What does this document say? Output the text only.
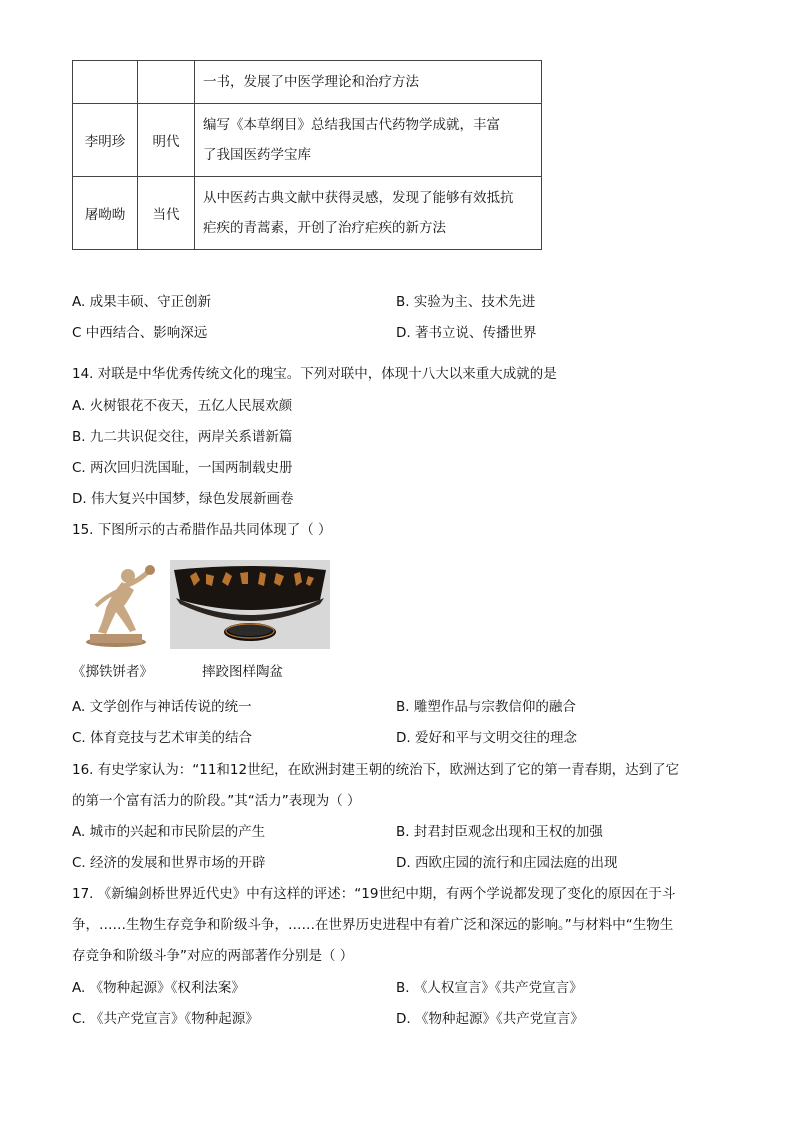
		一书，发展了中医学理论和治疗方法

李明珍	明代	编写《本草纲目》总结我国古代药物学成就，丰富
了我国医药学宝库

屠呦呦	当代	从中医药古典文献中获得灵感，发现了能够有效抵抗
疟疾的青蒿素，开创了治疗疟疾的新方法
A. 成果丰硕、守正创新	B. 实验为主、技术先进
C 中西结合、影响深远	D. 著书立说、传播世界
14. 对联是中华优秀传统文化的瑰宝。下列对联中，体现十八大以来重大成就的是
A. 火树银花不夜天，五亿人民展欢颜
B. 九二共识促交往，两岸关系谱新篇
C. 两次回归洗国耻，一国两制载史册
D. 伟大复兴中国梦，绿色发展新画卷
15. 下图所示的古希腊作品共同体现了（ ）
《掷铁饼者》	摔跤图样陶盆
A. 文学创作与神话传说的统一	B. 雕塑作品与宗教信仰的融合
C. 体育竞技与艺术审美的结合	D. 爱好和平与文明交往的理念
16. 有史学家认为：“11和12世纪，在欧洲封建王朝的统治下，欧洲达到了它的第一青春期，达到了它
的第一个富有活力的阶段。”其“活力”表现为（ ）
A. 城市的兴起和市民阶层的产生	B. 封君封臣观念出现和王权的加强
C. 经济的发展和世界市场的开辟	D. 西欧庄园的流行和庄园法庭的出现
17. 《新编剑桥世界近代史》中有这样的评述：“19世纪中期，有两个学说都发现了变化的原因在于斗
争，……生物生存竞争和阶级斗争，……在世界历史进程中有着广泛和深远的影响。”与材料中“生物生
存竞争和阶级斗争”对应的两部著作分别是（ ）
A. 《物种起源》《权利法案》	B. 《人权宣言》《共产党宣言》
C. 《共产党宣言》《物种起源》	D. 《物种起源》《共产党宣言》
